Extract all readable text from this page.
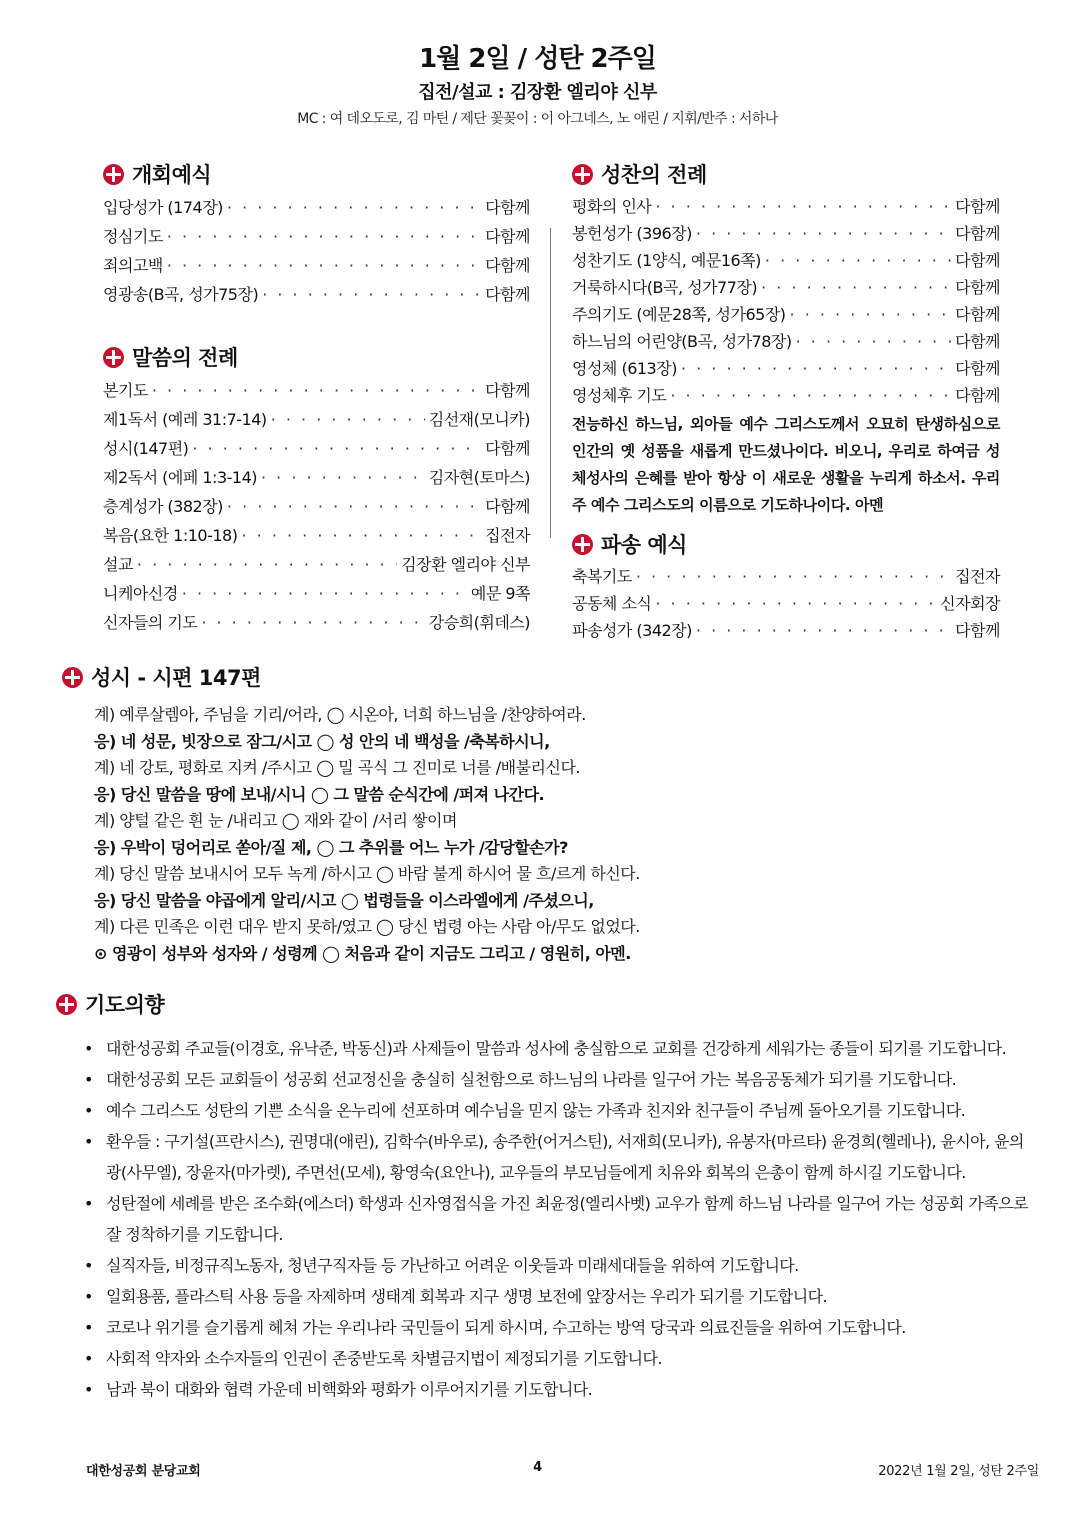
1월 2일 / 성탄 2주일
집전/설교 : 김장환 엘리야 신부
MC : 여 데오도로, 김 마틴 / 제단 꽃꽂이 : 이 아그네스, 노 애린 / 지휘/반주 : 서하나
개회예식
입당성가 (174장) · · ·	다함께
정심기도 · · ·	다함께
죄의고백 · · ·	다함께
영광송(B곡, 성가75장) · · ·	다함께
말씀의 전례
본기도 · · ·	다함께
제1독서 (예레 31:7-14) · · ·	김선재(모니카)
성시(147편) · · ·	다함께
제2독서 (에페 1:3-14) · · ·	김자현(토마스)
층계성가 (382장) · · ·	다함께
복음(요한 1:10-18) · · ·	집전자
설교 · · ·	김장환 엘리야 신부
니케아신경 · · ·	예문 9쪽
신자들의 기도 · · ·	강승희(휘데스)
성찬의 전례
평화의 인사 · · ·	다함께
봉헌성가 (396장) · · ·	다함께
성찬기도 (1양식, 예문16쪽) · · ·	다함께
거룩하시다(B곡, 성가77장) · · ·	다함께
주의기도 (예문28쪽, 성가65장) · · ·	다함께
하느님의 어린양(B곡, 성가78장) · · ·	다함께
영성체 (613장) · · ·	다함께
영성체후 기도 · · ·	다함께

전능하신 하느님, 외아들 예수 그리스도께서 오묘히 탄생하심으로 인간의 옛 성품을 새롭게 만드셨나이다. 비오니, 우리로 하여금 성체성사의 은혜를 받아 항상 이 새로운 생활을 누리게 하소서. 우리 주 예수 그리스도의 이름으로 기도하나이다. 아멘

파송 예식
축복기도 · · ·	집전자
공동체 소식 · · ·	신자회장
파송성가 (342장) · · ·	다함께
성시 - 시편 147편
계) 예루살렘아, 주님을 기리/어라, ◯ 시온아, 너희 하느님을 /찬양하여라.
응) 네 성문, 빗장으로 잠그/시고 ◯ 성 안의 네 백성을 /축복하시니,
계) 네 강토, 평화로 지켜 /주시고 ◯ 밀 곡식 그 진미로 너를 /배불리신다.
응) 당신 말씀을 땅에 보내/시니 ◯ 그 말씀 순식간에 /퍼져 나간다.
계) 양털 같은 흰 눈 /내리고 ◯ 재와 같이 /서리 쌓이며
응) 우박이 덩어리로 쏟아/질 제, ◯ 그 추위를 어느 누가 /감당할손가?
계) 당신 말씀 보내시어 모두 녹게 /하시고 ◯ 바람 불게 하시어 물 흐/르게 하신다.
응) 당신 말씀을 야곱에게 알리/시고 ◯ 법령들을 이스라엘에게 /주셨으니,
계) 다른 민족은 이런 대우 받지 못하/였고 ◯ 당신 법령 아는 사람 아/무도 없었다.
⊙ 영광이 성부와 성자와 / 성령께 ◯ 처음과 같이 지금도 그리고 / 영원히, 아멘.
기도의향
• 대한성공회 주교들(이경호, 유낙준, 박동신)과 사제들이 말씀과 성사에 충실함으로 교회를 건강하게 세워가는 종들이 되기를 기도합니다.
• 대한성공회 모든 교회들이 성공회 선교정신을 충실히 실천함으로 하느님의 나라를 일구어 가는 복음공동체가 되기를 기도합니다.
• 예수 그리스도 성탄의 기쁜 소식을 온누리에 선포하며 예수님을 믿지 않는 가족과 친지와 친구들이 주님께 돌아오기를 기도합니다.
• 환우들 : 구기설(프란시스), 권명대(애린), 김학수(바우로), 송주한(어거스틴), 서재희(모니카), 유봉자(마르타) 윤경희(헬레나), 윤시아, 윤의광(사무엘), 장윤자(마가렛), 주면선(모세), 황영숙(요안나), 교우들의 부모님들에게 치유와 회복의 은총이 함께 하시길 기도합니다.
• 성탄절에 세례를 받은 조수화(에스더) 학생과 신자영접식을 가진 최윤정(엘리사벳) 교우가 함께 하느님 나라를 일구어 가는 성공회 가족으로 잘 정착하기를 기도합니다.
• 실직자들, 비정규직노동자, 청년구직자들 등 가난하고 어려운 이웃들과 미래세대들을 위하여 기도합니다.
• 일회용품, 플라스틱 사용 등을 자제하며 생태계 회복과 지구 생명 보전에 앞장서는 우리가 되기를 기도합니다.
• 코로나 위기를 슬기롭게 헤쳐 가는 우리나라 국민들이 되게 하시며, 수고하는 방역 당국과 의료진들을 위하여 기도합니다.
• 사회적 약자와 소수자들의 인권이 존중받도록 차별금지법이 제정되기를 기도합니다.
• 남과 북이 대화와 협력 가운데 비핵화와 평화가 이루어지기를 기도합니다.
대한성공회 분당교회	4	2022년 1월 2일, 성탄 2주일
